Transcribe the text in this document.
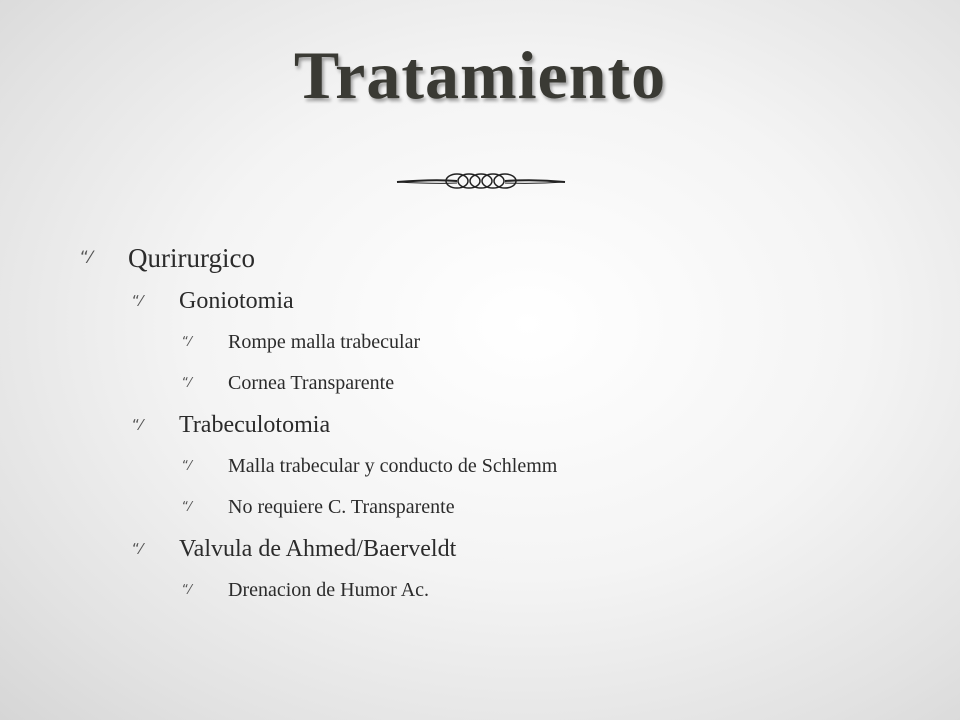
Tratamiento
“⁄	Qurirurgico
“⁄	Goniotomia
“⁄	Rompe malla trabecular
“⁄	Cornea Transparente
“⁄	Trabeculotomia
“⁄	Malla trabecular y conducto de Schlemm
“⁄	No requiere C. Transparente
“⁄	Valvula de Ahmed/Baerveldt
“⁄	Drenacion de Humor Ac.
